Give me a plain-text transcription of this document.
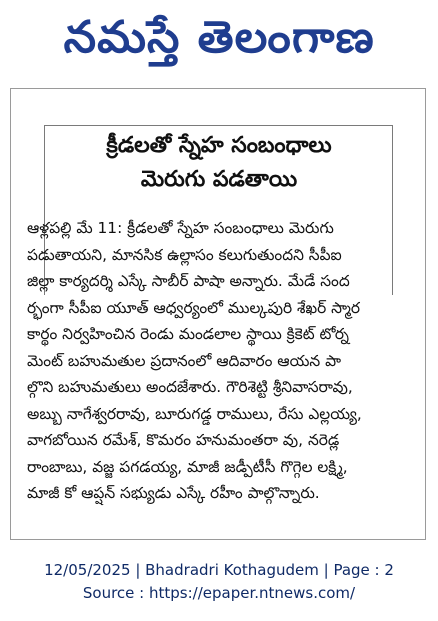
నమస్తే తెలంగాణ
క్రీడలతో స్నేహ సంబంధాలు
మెరుగు పడతాయి
ఆళ్లపల్లి మే 11: క్రీడలతో స్నేహ సంబంధాలు మెరుగు
పడుతాయని, మానసిక ఉల్లాసం కలుగుతుందని సీపీఐ
జిల్లా కార్యదర్శి ఎస్కే సాబీర్ పాషా అన్నారు. మేడే సంద
ర్భంగా సీపీఐ యూత్ ఆధ్వర్యంలో ముల్కపురి శేఖర్ స్మార
కార్థం నిర్వహించిన రెండు మండలాల స్థాయి క్రికెట్ టోర్న
మెంట్ బహుమతుల ప్రదానంలో ఆదివారం ఆయన పా
ల్గొని బహుమతులు అందజేశారు. గౌరిశెట్టి శ్రీనివాసరావు,
అబ్బు నాగేశ్వరరావు, బూరుగడ్డ రాములు, రేసు ఎల్లయ్య,
వాగబోయిన రమేశ్, కొమరం హనుమంతరా వు, నరెడ్ల
రాంబాబు, వజ్జ పగడయ్య, మాజీ జడ్పీటీసీ గొగ్గెల లక్ష్మి,
మాజీ కో ఆప్షన్ సభ్యుడు ఎస్కే రహీం పాల్గొన్నారు.
12/05/2025 | Bhadradri Kothagudem | Page : 2
Source : https://epaper.ntnews.com/
